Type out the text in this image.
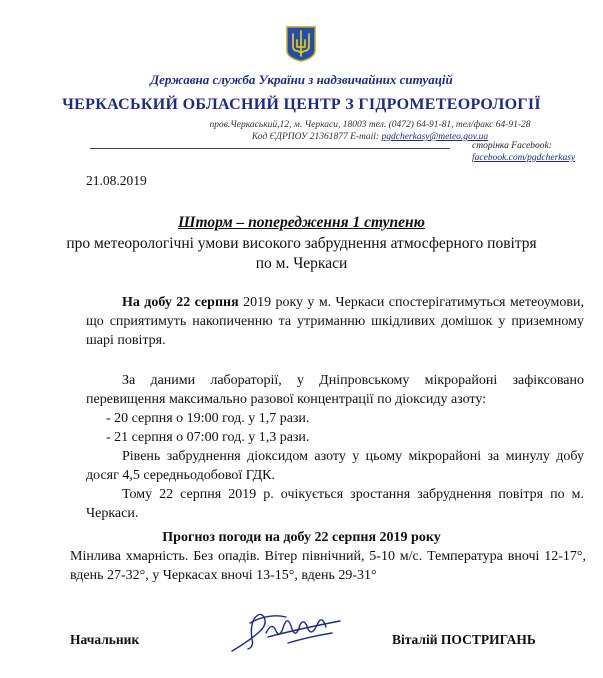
Державна служба України з надзвичайних ситуацій
ЧЕРКАСЬКИЙ ОБЛАСНИЙ ЦЕНТР З ГІДРОМЕТЕОРОЛОГІЇ
пров.Черкаський,12, м. Черкаси, 18003 тел. (0472) 64-91-81, тел/факс 64-91-28
Код ЄДРПОУ 21361877 E-mail: pgdcherkasy@meteo.gov.ua
сторінка Facebook:
facebook.com/pgdcherkasy
21.08.2019
Шторм – попередження 1 ступеню
про метеорологічні умови високого забруднення атмосферного повітря по м. Черкаси
На добу 22 серпня 2019 року у м. Черкаси спостерігатимуться метеоумови, що сприятимуть накопиченню та утриманню шкідливих домішок у приземному шарі повітря.
За даними лабораторії, у Дніпровському мікрорайоні зафіксовано перевищення максимально разової концентрації по діоксиду азоту:
- 20 серпня о 19:00 год. у 1,7 рази.
- 21 серпня о 07:00 год. у 1,3 рази.
Рівень забруднення діоксидом азоту у цьому мікрорайоні за минулу добу досяг 4,5 середньодобової ГДК.
Тому 22 серпня 2019 р. очікується зростання забруднення повітря по м. Черкаси.
Прогноз погоди на добу 22 серпня 2019 року
Мінлива хмарність. Без опадів. Вітер північний, 5-10 м/с. Температура вночі 12-17°, вдень 27-32°, у Черкасах вночі 13-15°, вдень 29-31°
Начальник	Віталій ПОСТРИГАНЬ
